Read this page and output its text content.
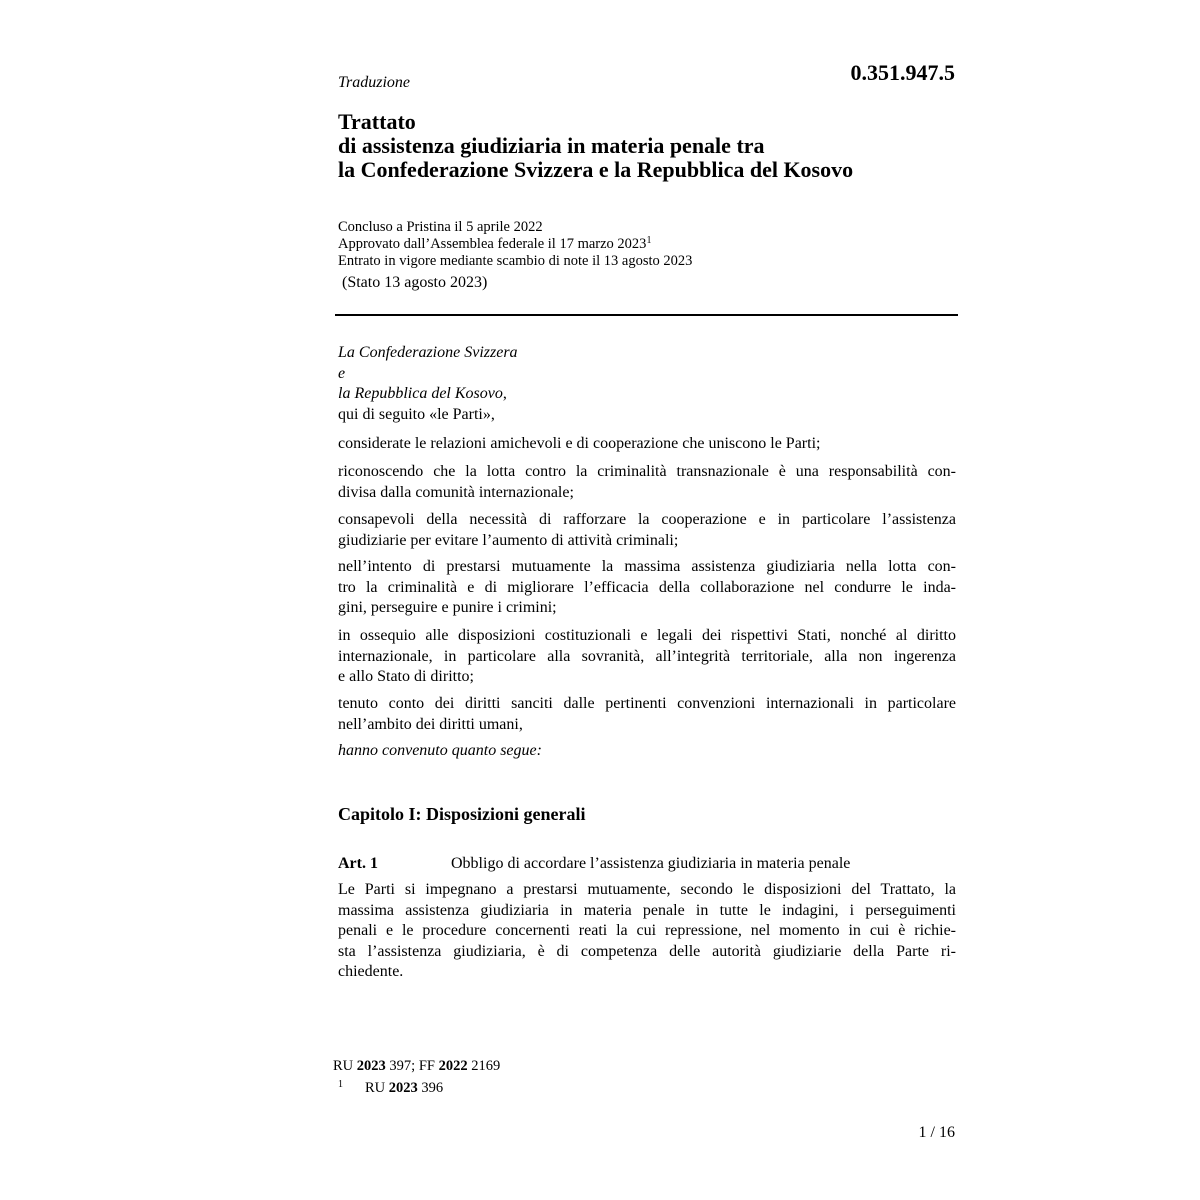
Traduzione	0.351.947.5
Trattato
di assistenza giudiziaria in materia penale tra
la Confederazione Svizzera e la Repubblica del Kosovo
Concluso a Pristina il 5 aprile 2022
Approvato dall’Assemblea federale il 17 marzo 2023$^1$
Entrato in vigore mediante scambio di note il 13 agosto 2023
(Stato 13 agosto 2023)
La Confederazione Svizzera
e
la Repubblica del Kosovo,
qui di seguito «le Parti»,
considerate le relazioni amichevoli e di cooperazione che uniscono le Parti;
riconoscendo che la lotta contro la criminalità transnazionale è una responsabilità con-
divisa dalla comunità internazionale;
consapevoli della necessità di rafforzare la cooperazione e in particolare l’assistenza
giudiziarie per evitare l’aumento di attività criminali;
nell’intento di prestarsi mutuamente la massima assistenza giudiziaria nella lotta con-
tro la criminalità e di migliorare l’efficacia della collaborazione nel condurre le inda-
gini, perseguire e punire i crimini;
in ossequio alle disposizioni costituzionali e legali dei rispettivi Stati, nonché al diritto
internazionale, in particolare alla sovranità, all’integrità territoriale, alla non ingerenza
e allo Stato di diritto;
tenuto conto dei diritti sanciti dalle pertinenti convenzioni internazionali in particolare
nell’ambito dei diritti umani,
hanno convenuto quanto segue:
Capitolo I: Disposizioni generali
Art. 1	Obbligo di accordare l’assistenza giudiziaria in materia penale
Le Parti si impegnano a prestarsi mutuamente, secondo le disposizioni del Trattato, la
massima assistenza giudiziaria in materia penale in tutte le indagini, i perseguimenti
penali e le procedure concernenti reati la cui repressione, nel momento in cui è richie-
sta l’assistenza giudiziaria, è di competenza delle autorità giudiziarie della Parte ri-
chiedente.
RU 2023 397; FF 2022 2169
$^1$ RU 2023 396
1 / 16
